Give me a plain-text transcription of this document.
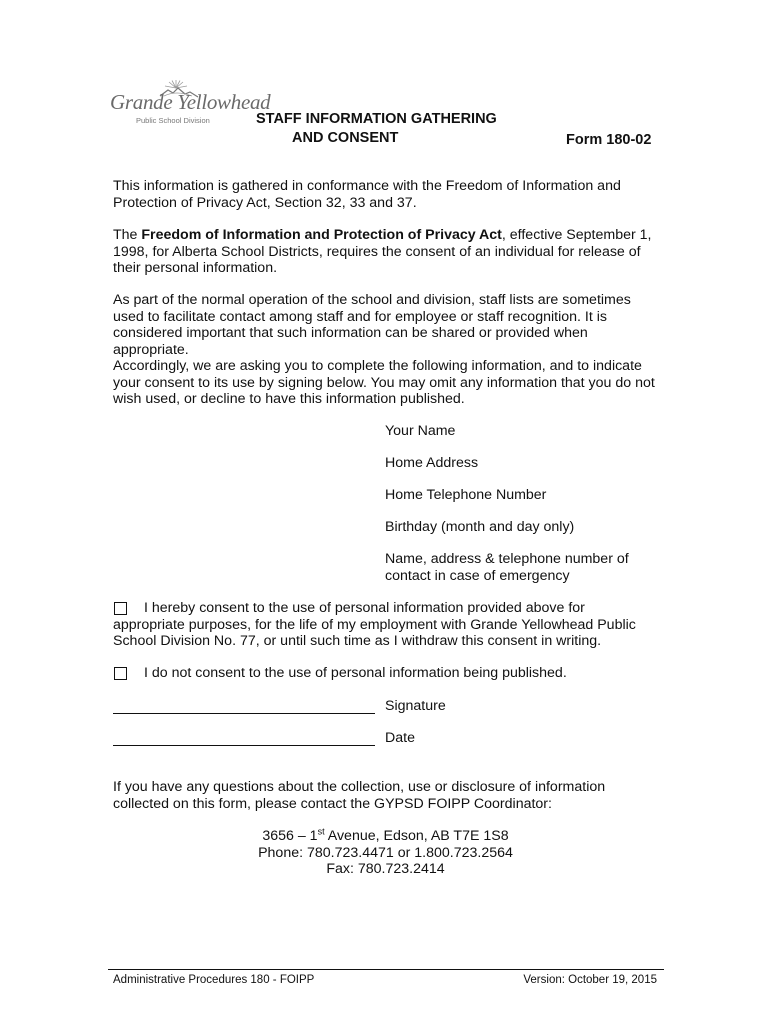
Grande Yellowhead
Public School Division	STAFF INFORMATION GATHERING
AND CONSENT	Form 180-02
This information is gathered in conformance with the Freedom of Information and Protection of Privacy Act, Section 32, 33 and 37.
The Freedom of Information and Protection of Privacy Act, effective September 1, 1998, for Alberta School Districts, requires the consent of an individual for release of their personal information.
As part of the normal operation of the school and division, staff lists are sometimes used to facilitate contact among staff and for employee or staff recognition. It is considered important that such information can be shared or provided when appropriate.
Accordingly, we are asking you to complete the following information, and to indicate your consent to its use by signing below. You may omit any information that you do not wish used, or decline to have this information published.
Your Name
Home Address
Home Telephone Number
Birthday (month and day only)
Name, address & telephone number of
contact in case of emergency
I hereby consent to the use of personal information provided above for appropriate purposes, for the life of my employment with Grande Yellowhead Public School Division No. 77, or until such time as I withdraw this consent in writing.
I do not consent to the use of personal information being published.
Signature
Date
If you have any questions about the collection, use or disclosure of information collected on this form, please contact the GYPSD FOIPP Coordinator:
3656 – 1st Avenue, Edson, AB T7E 1S8
Phone: 780.723.4471 or 1.800.723.2564
Fax: 780.723.2414
Administrative Procedures 180 - FOIPP	Version: October 19, 2015
